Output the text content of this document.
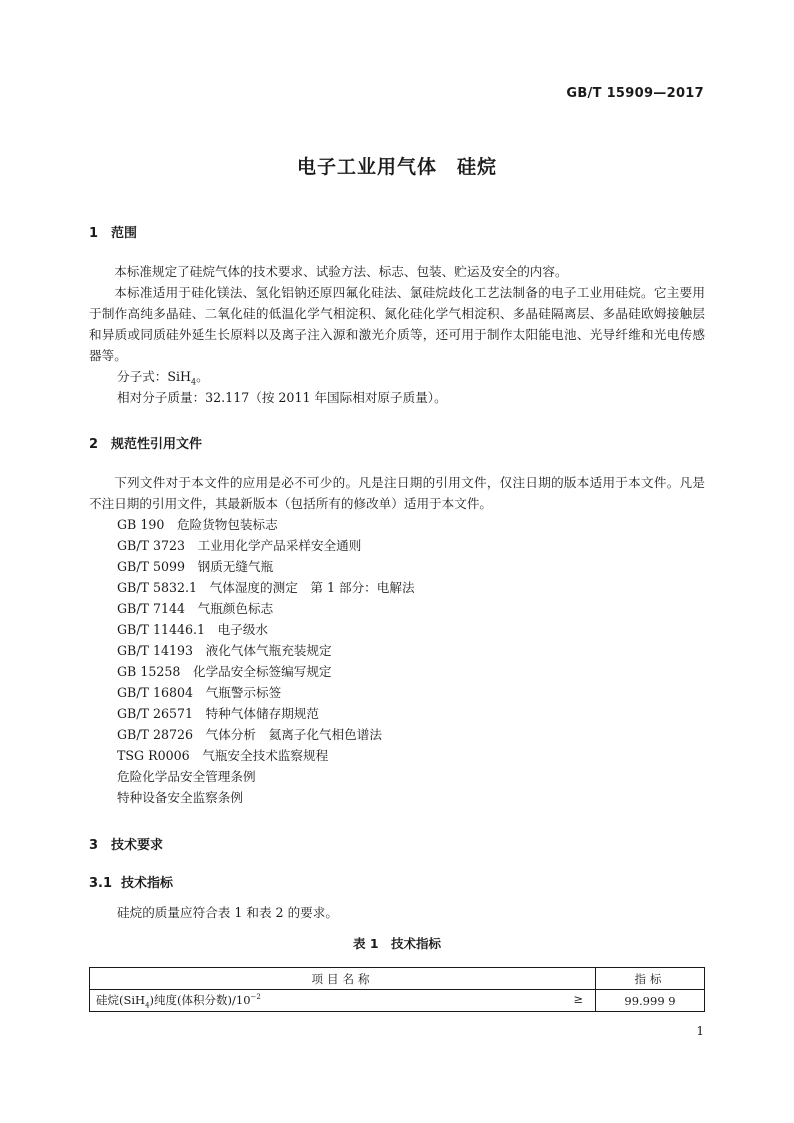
GB/T 15909—2017
电子工业用气体　硅烷
1 范围

本标准规定了硅烷气体的技术要求、试验方法、标志、包装、贮运及安全的内容。

本标准适用于硅化镁法、氢化铝钠还原四氟化硅法、氯硅烷歧化工艺法制备的电子工业用硅烷。它主要用于制作高纯多晶硅、二氧化硅的低温化学气相淀积、氮化硅化学气相淀积、多晶硅隔离层、多晶硅欧姆接触层和异质或同质硅外延生长原料以及离子注入源和激光介质等，还可用于制作太阳能电池、光导纤维和光电传感器等。

分子式：SiH$_4$。
相对分子质量：32.117（按 2011 年国际相对原子质量）。
2 规范性引用文件

下列文件对于本文件的应用是必不可少的。凡是注日期的引用文件，仅注日期的版本适用于本文件。凡是不注日期的引用文件，其最新版本（包括所有的修改单）适用于本文件。

GB 190　 危险货物包装标志
GB/T 3723　 工业用化学产品采样安全通则
GB/T 5099　 钢质无缝气瓶
GB/T 5832.1　 气体湿度的测定　第 1 部分：电解法
GB/T 7144　 气瓶颜色标志
GB/T 11446.1　 电子级水
GB/T 14193　 液化气体气瓶充装规定
GB 15258　 化学品安全标签编写规定
GB/T 16804　 气瓶警示标签
GB/T 26571　 特种气体储存期规范
GB/T 28726　 气体分析　氦离子化气相色谱法
TSG R0006　 气瓶安全技术监察规程
危险化学品安全管理条例
特种设备安全监察条例
3 技术要求
3.1 技术指标
硅烷的质量应符合表 1 和表 2 的要求。
表 1　技术指标
项目名称	指标
硅烷(SiH$_4$)纯度(体积分数)$/10^{-2}$ ≥	99.999 9
1
